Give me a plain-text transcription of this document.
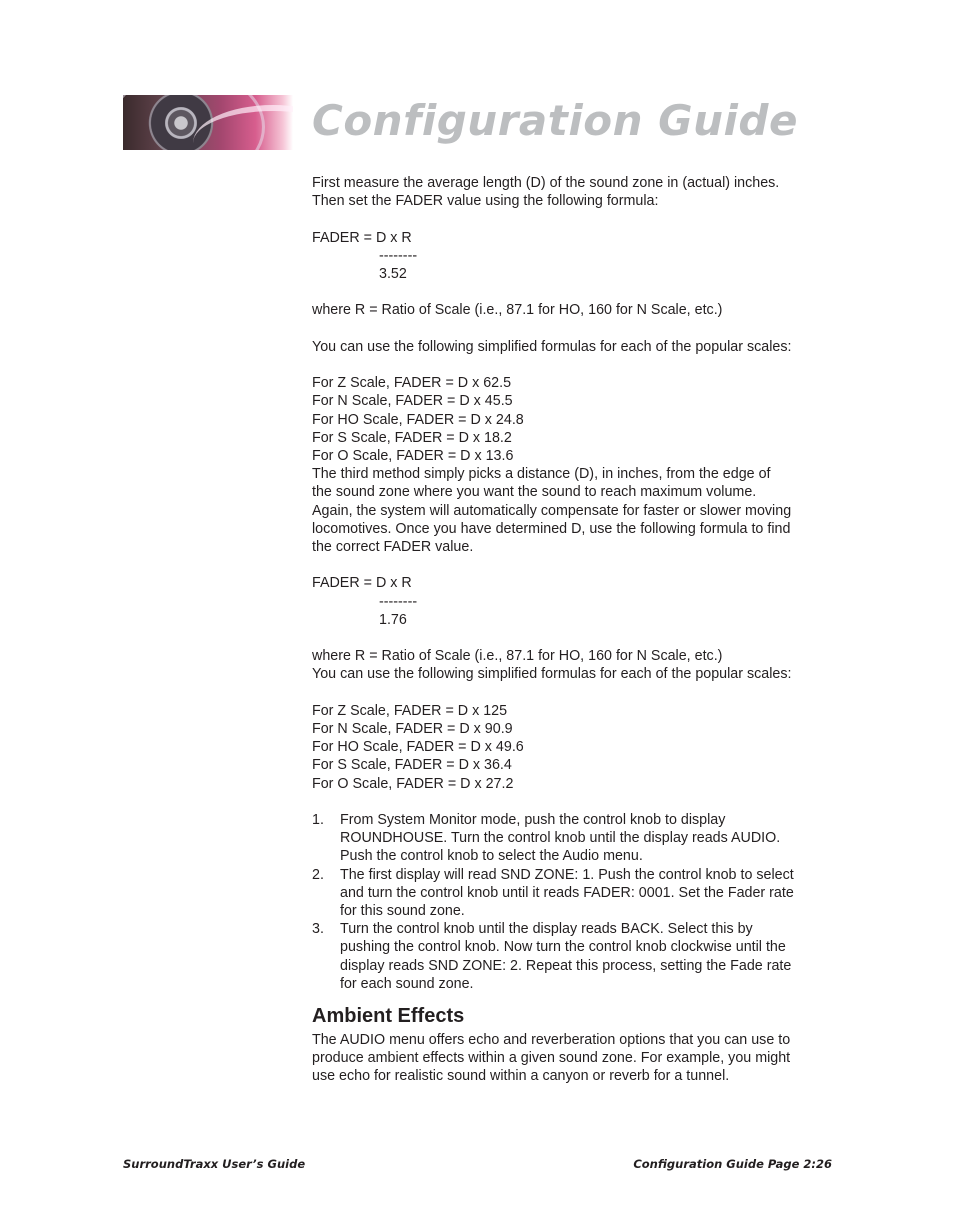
Configuration Guide

First measure the average length (D) of the sound zone in (actual) inches.

Then set the FADER value using the following formula:

FADER = D x R

--------

3.52

where R = Ratio of Scale (i.e., 87.1 for HO, 160 for N Scale, etc.)

You can use the following simplified formulas for each of the popular scales:

For Z Scale, FADER = D x 62.5

For N Scale, FADER = D x 45.5

For HO Scale, FADER = D x 24.8

For S Scale, FADER = D x 18.2

For O Scale, FADER = D x 13.6

The third method simply picks a distance (D), in inches, from the edge of

the sound zone where you want the sound to reach maximum volume.

Again, the system will automatically compensate for faster or slower moving

locomotives. Once you have determined D, use the following formula to find

the correct FADER value.

FADER = D x R

--------

1.76

where R = Ratio of Scale (i.e., 87.1 for HO, 160 for N Scale, etc.)

You can use the following simplified formulas for each of the popular scales:

For Z Scale, FADER = D x 125

For N Scale, FADER = D x 90.9

For HO Scale, FADER = D x 49.6

For S Scale, FADER = D x 36.4

For O Scale, FADER = D x 27.2

1. From System Monitor mode, push the control knob to display

ROUNDHOUSE. Turn the control knob until the display reads AUDIO.

Push the control knob to select the Audio menu.

2. The first display will read SND ZONE: 1. Push the control knob to select

and turn the control knob until it reads FADER: 0001. Set the Fader rate

for this sound zone.

3. Turn the control knob until the display reads BACK. Select this by

pushing the control knob. Now turn the control knob clockwise until the

display reads SND ZONE: 2. Repeat this process, setting the Fade rate

for each sound zone.

Ambient Effects

The AUDIO menu offers echo and reverberation options that you can use to

produce ambient effects within a given sound zone. For example, you might

use echo for realistic sound within a canyon or reverb for a tunnel.

SurroundTraxx User’s Guide	Configuration Guide Page 2:26
